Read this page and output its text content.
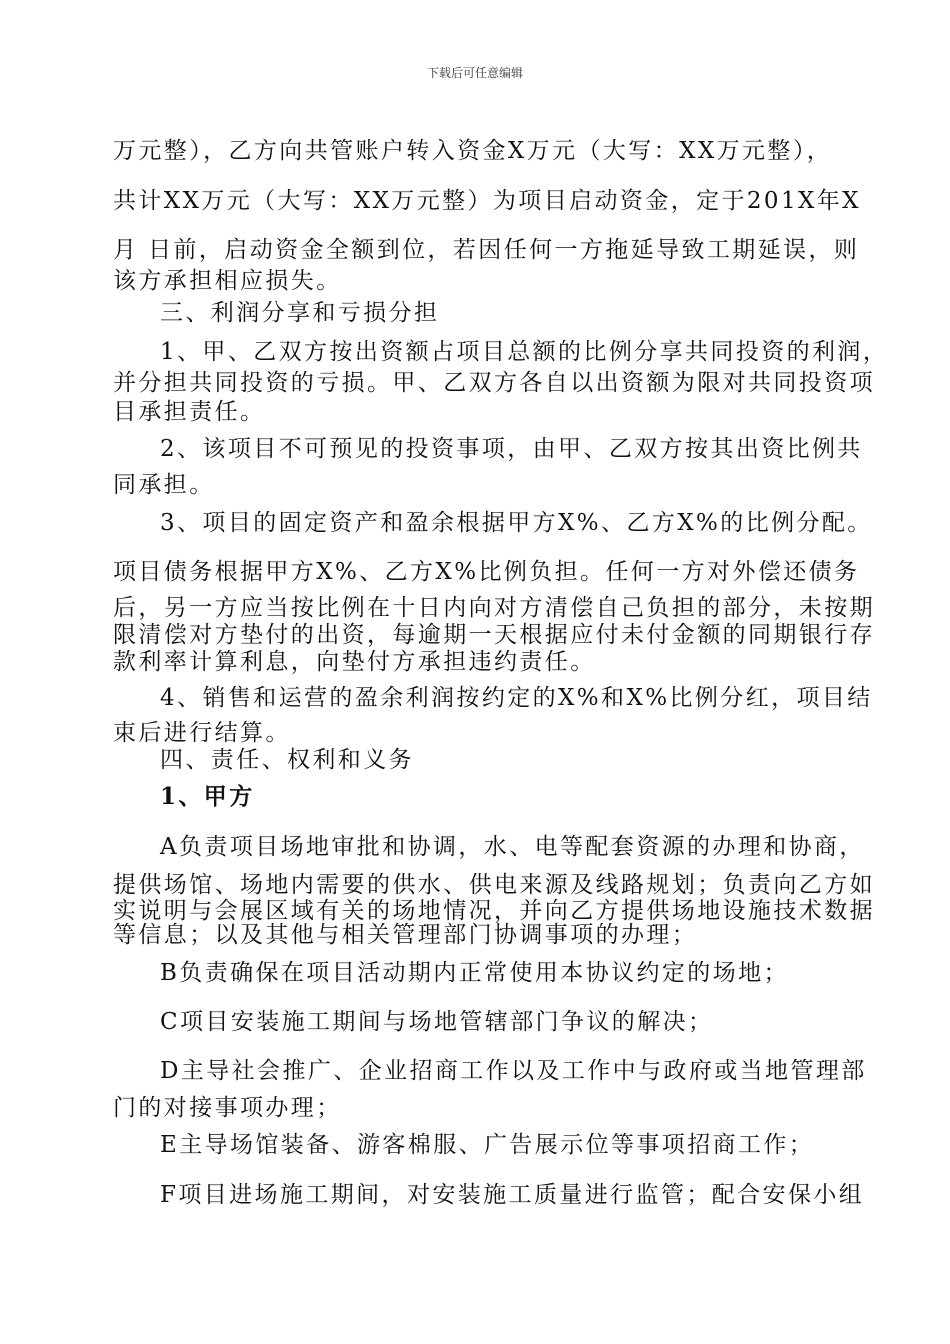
下载后可任意编辑
万元整），乙方向共管账户转入资金X万元（大写：XX万元整），
共计XX万元（大写：XX万元整）为项目启动资金，定于201X年X
月 日前，启动资金全额到位，若因任何一方拖延导致工期延误，则
该方承担相应损失。
三、利润分享和亏损分担
1、甲、乙双方按出资额占项目总额的比例分享共同投资的利润，
并分担共同投资的亏损。甲、乙双方各自以出资额为限对共同投资项
目承担责任。
2、该项目不可预见的投资事项，由甲、乙双方按其出资比例共
同承担。
3、项目的固定资产和盈余根据甲方X%、乙方X%的比例分配。
项目债务根据甲方X%、乙方X%比例负担。任何一方对外偿还债务
后，另一方应当按比例在十日内向对方清偿自己负担的部分，未按期
限清偿对方垫付的出资，每逾期一天根据应付未付金额的同期银行存
款利率计算利息，向垫付方承担违约责任。
4、销售和运营的盈余利润按约定的X%和X%比例分红，项目结
束后进行结算。
四、责任、权利和义务
1、甲方
A负责项目场地审批和协调，水、电等配套资源的办理和协商，
提供场馆、场地内需要的供水、供电来源及线路规划；负责向乙方如
实说明与会展区域有关的场地情况，并向乙方提供场地设施技术数据
等信息；以及其他与相关管理部门协调事项的办理；
B负责确保在项目活动期内正常使用本协议约定的场地；
C项目安装施工期间与场地管辖部门争议的解决；
D主导社会推广、企业招商工作以及工作中与政府或当地管理部
门的对接事项办理；
E主导场馆装备、游客棉服、广告展示位等事项招商工作；
F项目进场施工期间，对安装施工质量进行监管；配合安保小组
